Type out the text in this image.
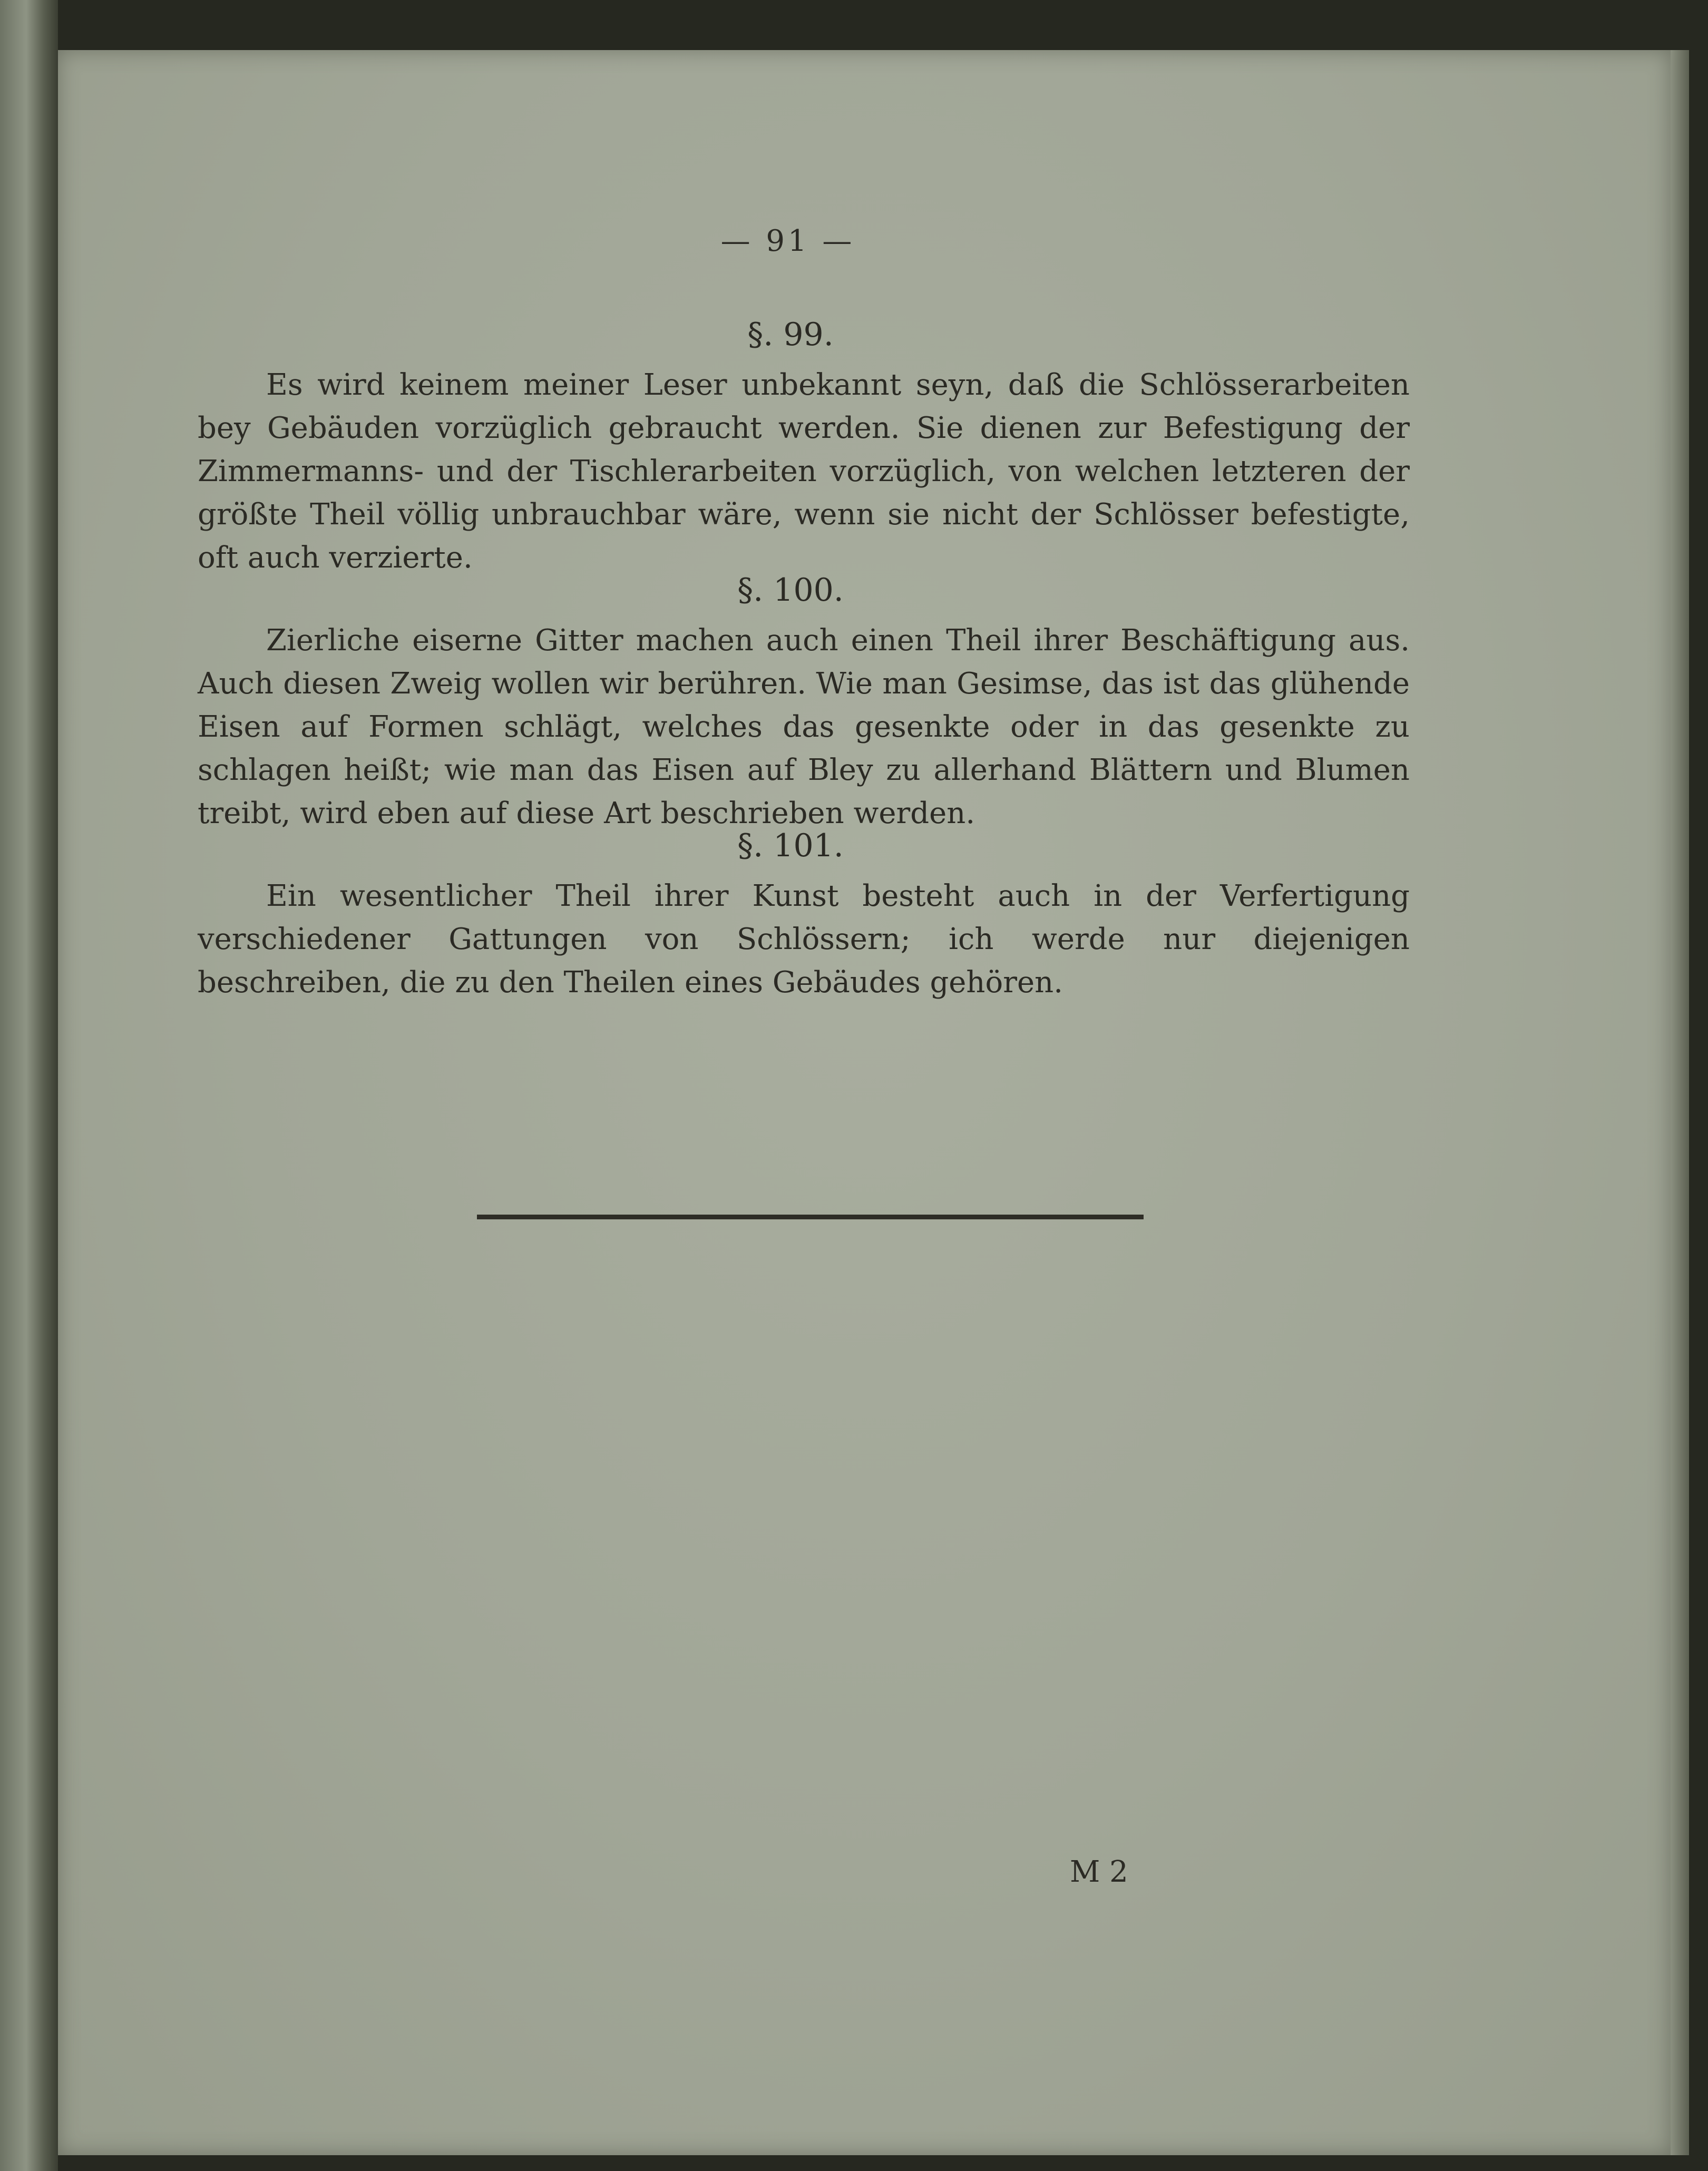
— 91 —
§. 99.
Es wird keinem meiner Leser unbekannt seyn, daß die Schlösserarbeiten bey Gebäuden vorzüglich gebraucht werden. Sie dienen zur Befestigung der Zimmermanns- und der Tischlerarbeiten vorzüglich, von welchen letzteren der größte Theil völlig unbrauchbar wäre, wenn sie nicht der Schlösser befestigte, oft auch verzierte.
§. 100.
Zierliche eiserne Gitter machen auch einen Theil ihrer Beschäftigung aus. Auch diesen Zweig wollen wir berühren. Wie man Gesimse, das ist das glühende Eisen auf Formen schlägt, welches das gesenkte oder in das gesenkte zu schlagen heißt; wie man das Eisen auf Bley zu allerhand Blättern und Blumen treibt, wird eben auf diese Art beschrieben werden.
§. 101.
Ein wesentlicher Theil ihrer Kunst besteht auch in der Verfertigung verschiedener Gattungen von Schlössern; ich werde nur diejenigen beschreiben, die zu den Theilen eines Gebäudes gehören.
M 2
